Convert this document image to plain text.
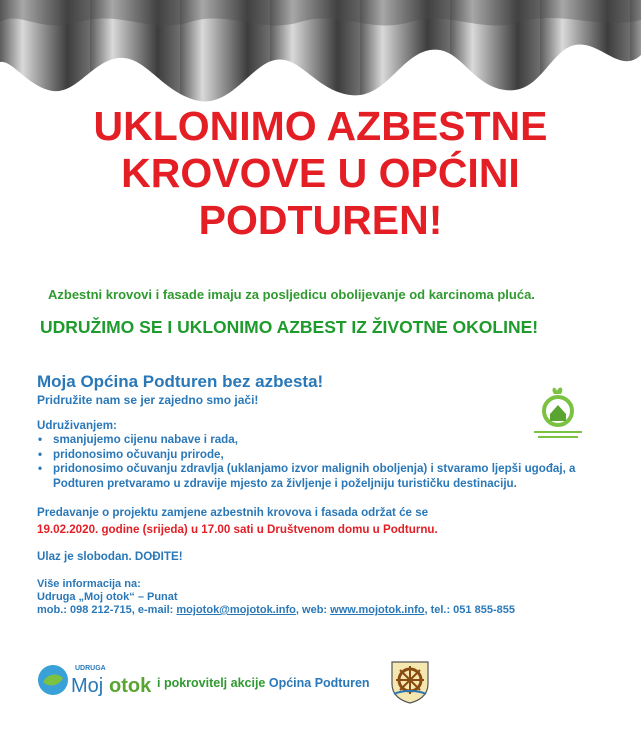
UKLONIMO AZBESTNE
KROVOVE U OPĆINI
PODTUREN!
Azbestni krovovi i fasade imaju za posljedicu obolijevanje od karcinoma pluća.
UDRUŽIMO SE I UKLONIMO AZBEST IZ ŽIVOTNE OKOLINE!
Moja Općina Podturen bez azbesta!
Pridružite nam se jer zajedno smo jači!
Udruživanjem:
• smanjujemo cijenu nabave i rada,
• pridonosimo očuvanju prirode,
• pridonosimo očuvanju zdravlja (uklanjamo izvor malignih oboljenja) i stvaramo ljepši ugođaj, a Podturen pretvaramo u zdravije mjesto za življenje i poželjniju turističku destinaciju.
Predavanje o projektu zamjene azbestnih krovova i fasada održat će se
19.02.2020. godine (srijeda) u 17.00 sati u Društvenom domu u Podturnu.
Ulaz je slobodan. DOĐITE!
Više informacija na:
Udruga „Moj otok“ – Punat
mob.: 098 212-715, e-mail: mojotok@mojotok.info, web: www.mojotok.info, tel.: 051 855-855
UDRUGA
Moj otok i pokrovitelj akcije Općina Podturen
